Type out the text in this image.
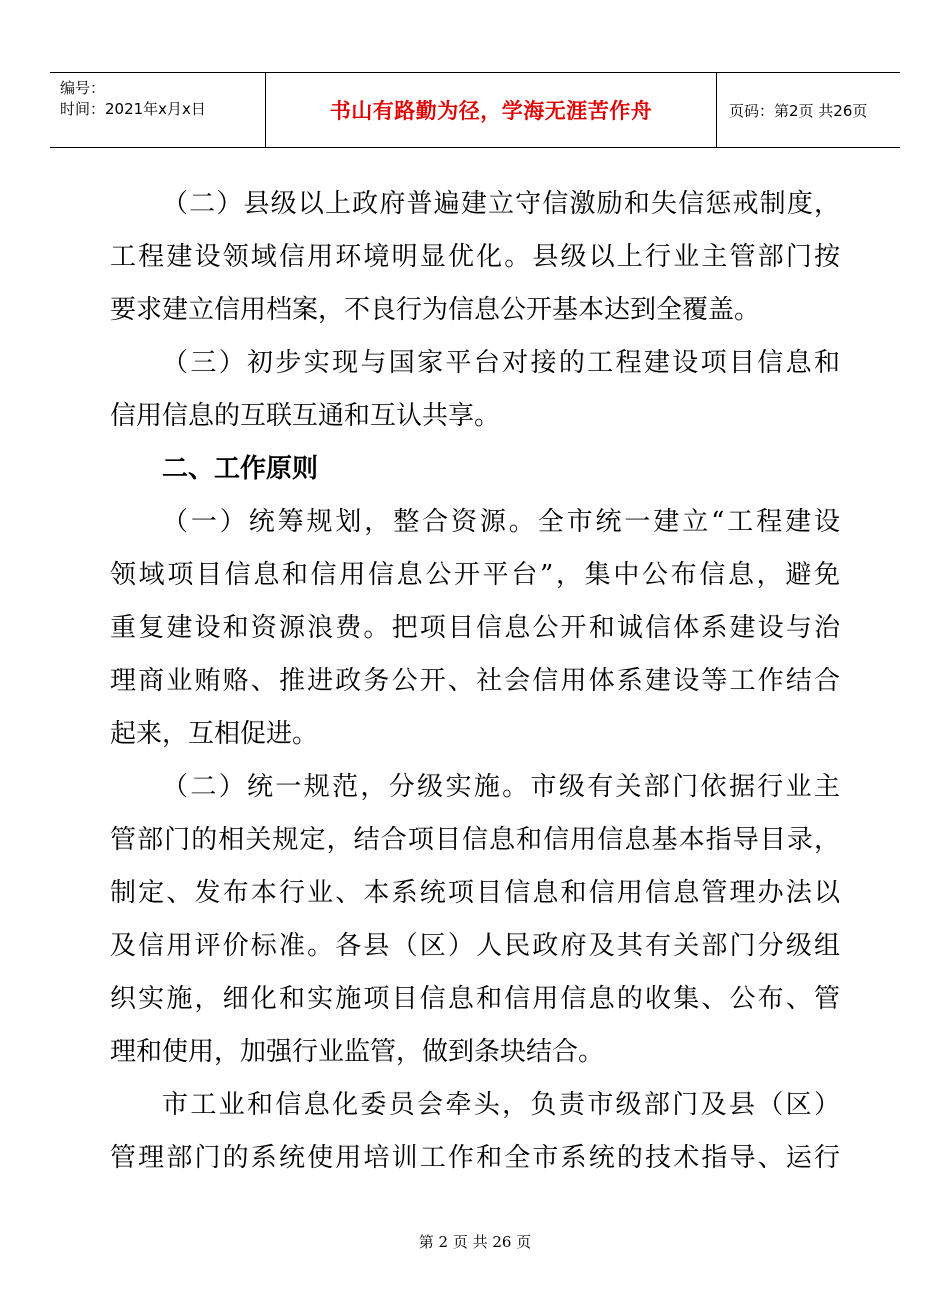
编号：
时间：2021年x月x日	书山有路勤为径，学海无涯苦作舟	页码：第2页 共26页
（二）县级以上政府普遍建立守信激励和失信惩戒制度，
工程建设领域信用环境明显优化。县级以上行业主管部门按
要求建立信用档案，不良行为信息公开基本达到全覆盖。
（三）初步实现与国家平台对接的工程建设项目信息和
信用信息的互联互通和互认共享。
二、工作原则
（一）统筹规划，整合资源。全市统一建立“工程建设
领域项目信息和信用信息公开平台”，集中公布信息，避免
重复建设和资源浪费。把项目信息公开和诚信体系建设与治
理商业贿赂、推进政务公开、社会信用体系建设等工作结合
起来，互相促进。
（二）统一规范，分级实施。市级有关部门依据行业主
管部门的相关规定，结合项目信息和信用信息基本指导目录，
制定、发布本行业、本系统项目信息和信用信息管理办法以
及信用评价标准。各县（区）人民政府及其有关部门分级组
织实施，细化和实施项目信息和信用信息的收集、公布、管
理和使用，加强行业监管，做到条块结合。
市工业和信息化委员会牵头，负责市级部门及县（区）
管理部门的系统使用培训工作和全市系统的技术指导、运行
第 2 页 共 26 页
